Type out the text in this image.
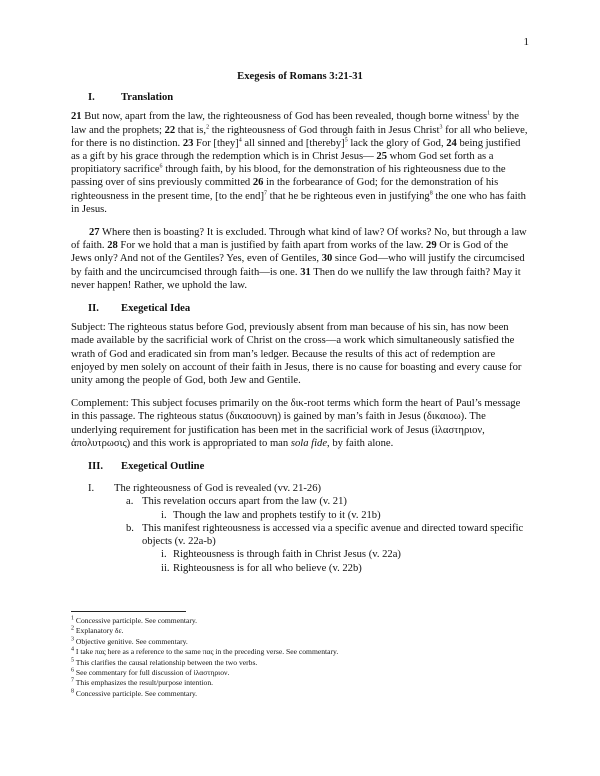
1
Exegesis of Romans 3:21-31
I. Translation

21 But now, apart from the law, the righteousness of God has been revealed, though borne witness$^1$ by the law and the prophets; 22 that is,$^2$ the righteousness of God through faith in Jesus Christ$^3$ for all who believe, for there is no distinction. 23 For [they]$^4$ all sinned and [thereby]$^5$ lack the glory of God, 24 being justified as a gift by his grace through the redemption which is in Christ Jesus— 25 whom God set forth as a propitiatory sacrifice$^6$ through faith, by his blood, for the demonstration of his righteousness due to the passing over of sins previously committed 26 in the forbearance of God; for the demonstration of his righteousness in the present time, [to the end]$^7$ that he be righteous even in justifying$^8$ the one who has faith in Jesus.

27 Where then is boasting? It is excluded. Through what kind of law? Of works? No, but through a law of faith. 28 For we hold that a man is justified by faith apart from works of the law. 29 Or is God of the Jews only? And not of the Gentiles? Yes, even of Gentiles, 30 since God—who will justify the circumcised by faith and the uncircumcised through faith—is one. 31 Then do we nullify the law through faith? May it never happen! Rather, we uphold the law.

II. Exegetical Idea

Subject: The righteous status before God, previously absent from man because of his sin, has now been made available by the sacrificial work of Christ on the cross—a work which simultaneously satisfied the wrath of God and eradicated sin from man’s ledger. Because the results of this act of redemption are enjoyed by men solely on account of their faith in Jesus, there is no cause for boasting and every cause for unity among the people of God, both Jew and Gentile.

Complement: This subject focuses primarily on the δικ-root terms which form the heart of Paul’s message in this passage. The righteous status (δικαιοσυνη) is gained by man’s faith in Jesus (δικαιοω). The underlying requirement for justification has been met in the sacrificial work of Jesus (ἱλαστηριον, ἀπολυτρωσις) and this work is appropriated to man sola fide, by faith alone.

III. Exegetical Outline
I. The righteousness of God is revealed (vv. 21-26)
a. This revelation occurs apart from the law (v. 21)
i. Though the law and prophets testify to it (v. 21b)
b. This manifest righteousness is accessed via a specific avenue and directed toward specific objects (v. 22a-b)
i. Righteousness is through faith in Christ Jesus (v. 22a)
ii. Righteousness is for all who believe (v. 22b)
$^1$ Concessive participle. See commentary.
$^2$ Explanatory δε.
$^3$ Objective genitive. See commentary.
$^4$ I take πας here as a reference to the same πας in the preceding verse. See commentary.
$^5$ This clarifies the causal relationship between the two verbs.
$^6$ See commentary for full discussion of ἱλαστηριον.
$^7$ This emphasizes the result/purpose intention.
$^8$ Concessive participle. See commentary.
